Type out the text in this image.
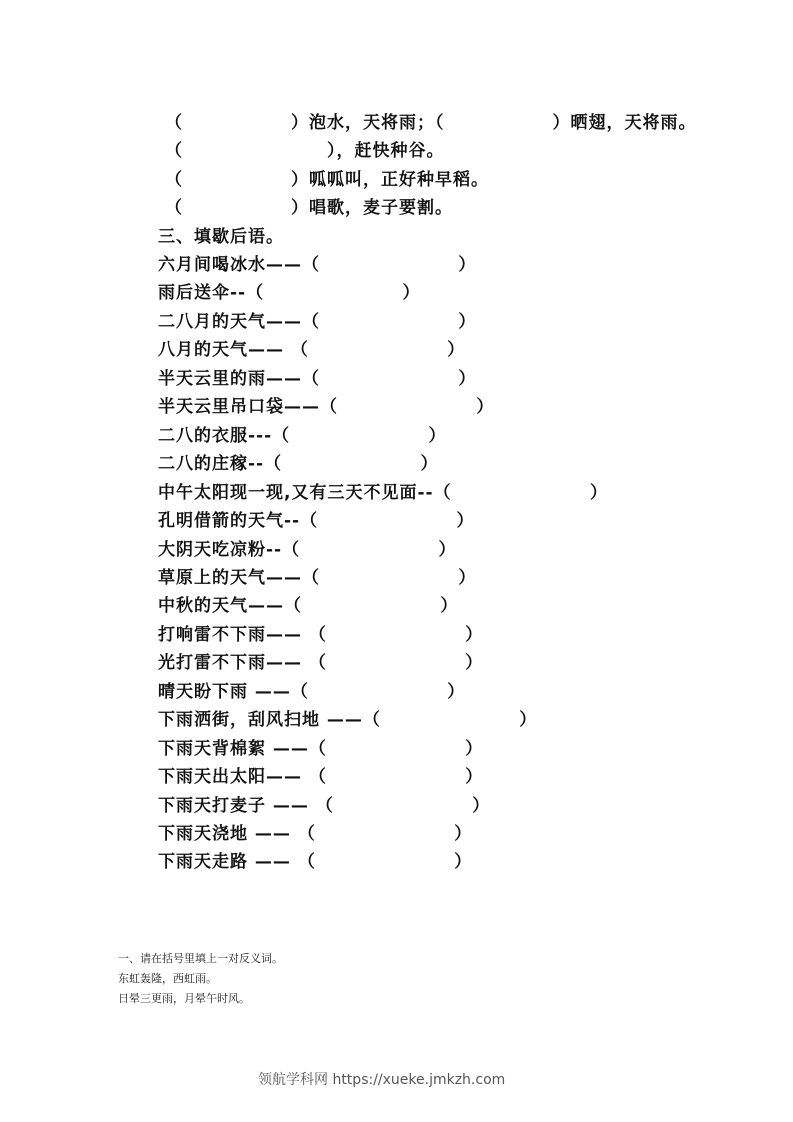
（　　　　　　）泡水，天将雨；（　　　　　　）晒翅，天将雨。
（　　　　　　　　），赶快种谷。
（　　　　　　）呱呱叫，正好种早稻。
（　　　　　　）唱歌，麦子要割。
三、填歇后语。
六月间喝冰水——（                    ）
雨后送伞--（                    ）
二八月的天气——（                    ）
八月的天气—— （                    ）
半天云里的雨——（                    ）
半天云里吊口袋——（                    ）
二八的衣服---（                    ）
二八的庄稼--（                    ）
中午太阳现一现,又有三天不见面--（                    ）
孔明借箭的天气--（                    ）
大阴天吃凉粉--（                    ）
草原上的天气——（                    ）
中秋的天气——（                    ）
打响雷不下雨—— （                    ）
光打雷不下雨—— （                    ）
晴天盼下雨 ——（                    ）
下雨洒街，刮风扫地 ——（                    ）
下雨天背棉絮 ——（                    ）
下雨天出太阳—— （                    ）
下雨天打麦子 —— （                    ）
下雨天浇地 —— （                    ）
下雨天走路 —— （                    ）
一、请在括号里填上一对反义词。
东虹轰隆，西虹雨。
日晕三更雨，月晕午时风。
领航学科网 https://xueke.jmkzh.com
